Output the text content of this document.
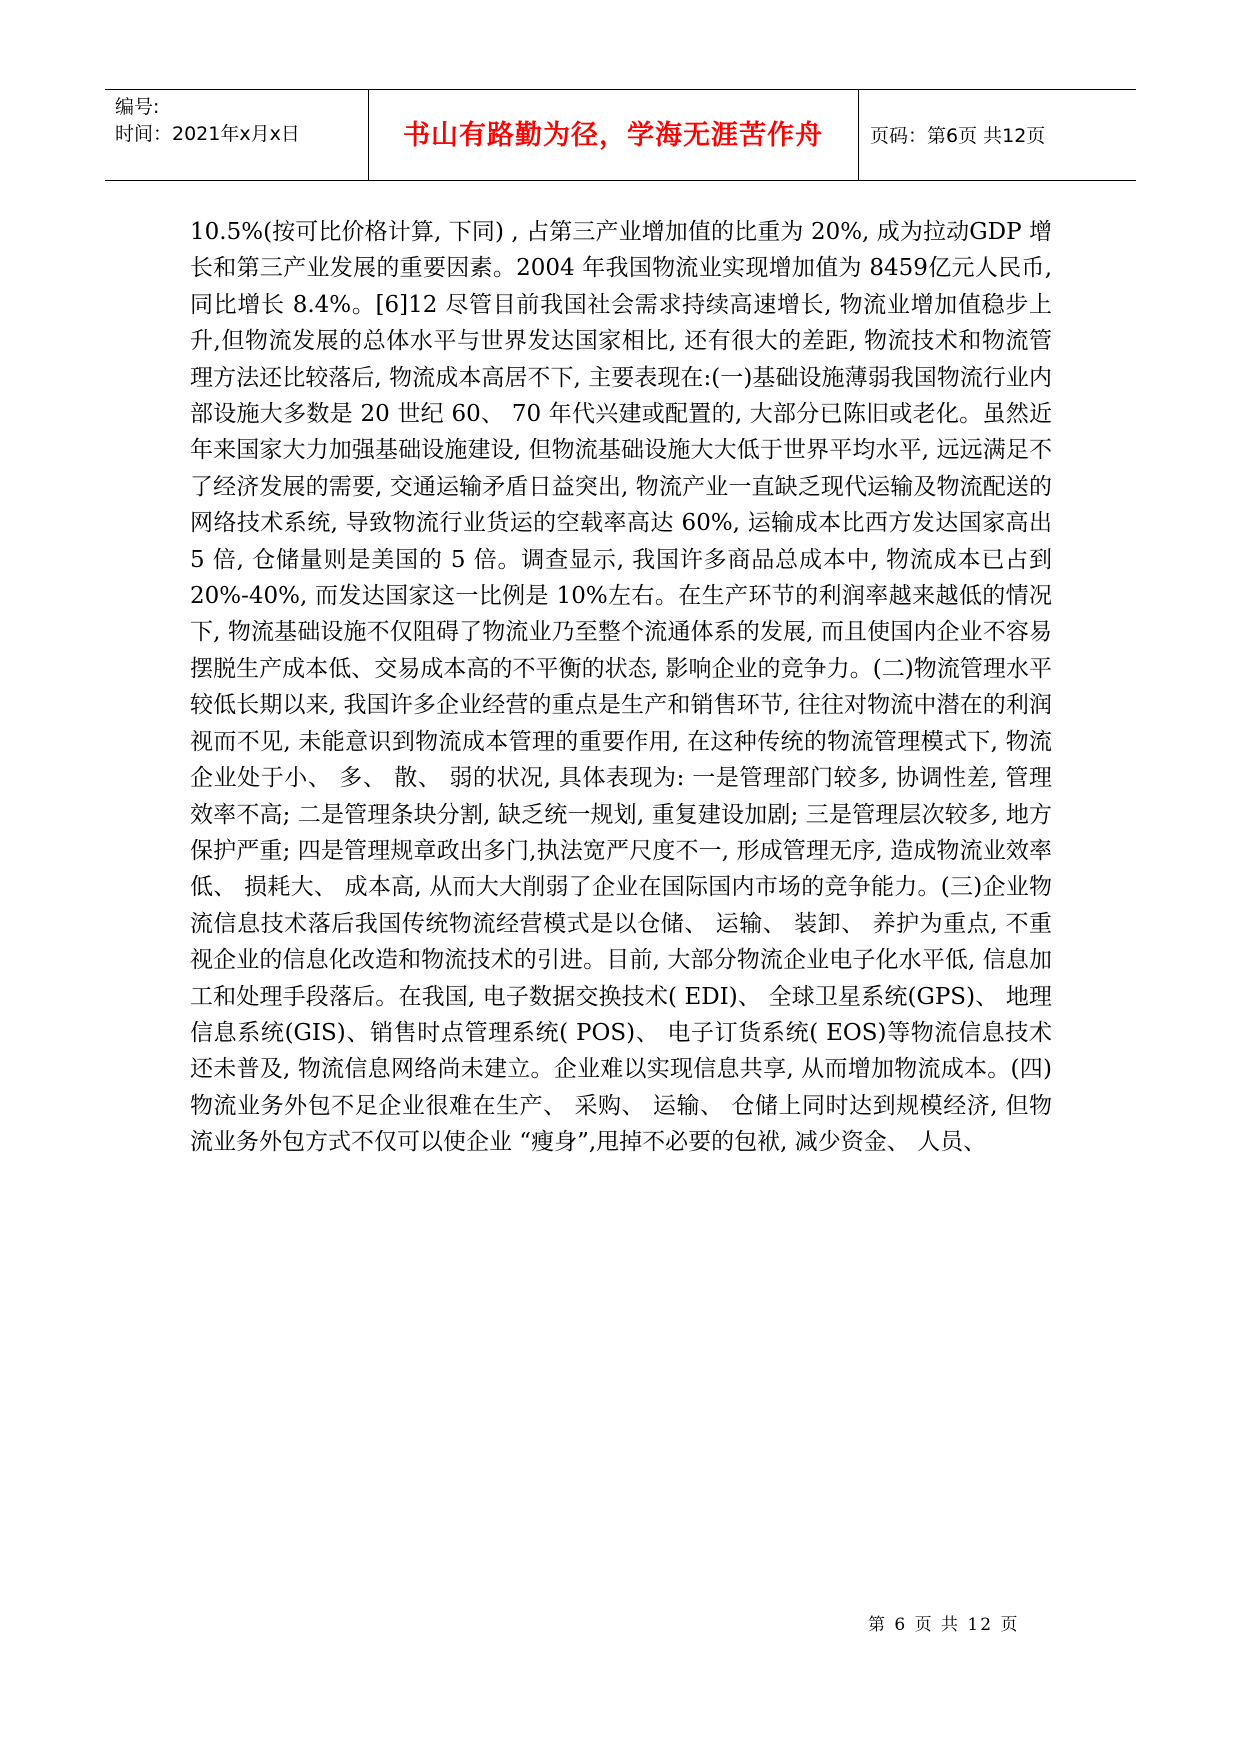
编号:
时间：2021年x月x日	书山有路勤为径，学海无涯苦作舟	页码：第6页 共12页

10.5%(按可比价格计算, 下同) , 占第三产业增加值的比重为 20%, 成为拉动GDP 增长和第三产业发展的重要因素。2004 年我国物流业实现增加值为 8459亿元人民币, 同比增长 8.4%。[6]12 尽管目前我国社会需求持续高速增长, 物流业增加值稳步上升,但物流发展的总体水平与世界发达国家相比, 还有很大的差距, 物流技术和物流管理方法还比较落后, 物流成本高居不下, 主要表现在:(一)基础设施薄弱我国物流行业内部设施大多数是 20 世纪 60、 70 年代兴建或配置的, 大部分已陈旧或老化。虽然近年来国家大力加强基础设施建设, 但物流基础设施大大低于世界平均水平, 远远满足不了经济发展的需要, 交通运输矛盾日益突出, 物流产业一直缺乏现代运输及物流配送的网络技术系统, 导致物流行业货运的空载率高达 60%, 运输成本比西方发达国家高出 5 倍, 仓储量则是美国的 5 倍。调查显示, 我国许多商品总成本中, 物流成本已占到 20%-40%, 而发达国家这一比例是 10%左右。在生产环节的利润率越来越低的情况下, 物流基础设施不仅阻碍了物流业乃至整个流通体系的发展, 而且使国内企业不容易摆脱生产成本低、交易成本高的不平衡的状态, 影响企业的竞争力。(二)物流管理水平较低长期以来, 我国许多企业经营的重点是生产和销售环节, 往往对物流中潜在的利润视而不见, 未能意识到物流成本管理的重要作用, 在这种传统的物流管理模式下, 物流企业处于小、 多、 散、 弱的状况, 具体表现为: 一是管理部门较多, 协调性差, 管理效率不高; 二是管理条块分割, 缺乏统一规划, 重复建设加剧; 三是管理层次较多, 地方保护严重; 四是管理规章政出多门,执法宽严尺度不一, 形成管理无序, 造成物流业效率低、 损耗大、 成本高, 从而大大削弱了企业在国际国内市场的竞争能力。(三)企业物流信息技术落后我国传统物流经营模式是以仓储、 运输、 装卸、 养护为重点, 不重视企业的信息化改造和物流技术的引进。目前, 大部分物流企业电子化水平低, 信息加工和处理手段落后。在我国, 电子数据交换技术( EDI)、 全球卫星系统(GPS)、 地理信息系统(GIS)、销售时点管理系统( POS)、 电子订货系统( EOS)等物流信息技术还未普及, 物流信息网络尚未建立。企业难以实现信息共享, 从而增加物流成本。(四)物流业务外包不足企业很难在生产、 采购、 运输、 仓储上同时达到规模经济, 但物流业务外包方式不仅可以使企业 “瘦身”,甩掉不必要的包袱, 减少资金、 人员、

第 6 页 共 12 页
